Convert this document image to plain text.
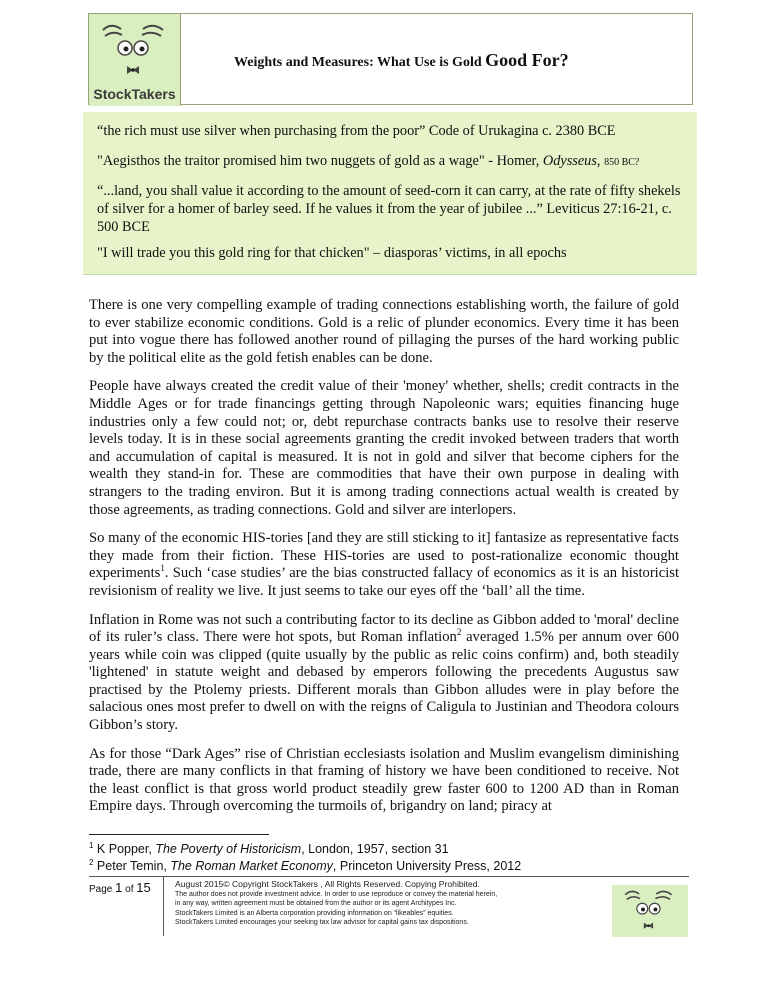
StockTakers
Weights and Measures: What Use is Gold Good For?
“the rich must use silver when purchasing from the poor” Code of Urukagina c. 2380 BCE
"Aegisthos the traitor promised him two nuggets of gold as a wage" - Homer, Odysseus, 850 BC?
“...land, you shall value it according to the amount of seed-corn it can carry, at the rate of fifty shekels of silver for a homer of barley seed. If he values it from the year of jubilee ...” Leviticus 27:16-21, c. 500 BCE
"I will trade you this gold ring for that chicken" – diasporas’ victims, in all epochs

There is one very compelling example of trading connections establishing worth, the failure of gold to ever stabilize economic conditions. Gold is a relic of plunder economics. Every time it has been put into vogue there has followed another round of pillaging the purses of the hard working public by the political elite as the gold fetish enables can be done.

People have always created the credit value of their 'money' whether, shells; credit contracts in the Middle Ages or for trade financings getting through Napoleonic wars; equities financing huge industries only a few could not; or, debt repurchase contracts banks use to resolve their reserve levels today. It is in these social agreements granting the credit invoked between traders that worth and accumulation of capital is measured. It is not in gold and silver that become ciphers for the wealth they stand-in for. These are commodities that have their own purpose in dealing with strangers to the trading environ. But it is among trading connections actual wealth is created by those agreements, as trading connections. Gold and silver are interlopers.

So many of the economic HIS-tories [and they are still sticking to it] fantasize as representative facts they made from their fiction. These HIS-tories are used to post-rationalize economic thought experiments$^1$. Such ‘case studies’ are the bias constructed fallacy of economics as it is an historicist revisionism of reality we live. It just seems to take our eyes off the ‘ball’ all the time.

Inflation in Rome was not such a contributing factor to its decline as Gibbon added to 'moral' decline of its ruler’s class. There were hot spots, but Roman inflation$^2$ averaged 1.5% per annum over 600 years while coin was clipped (quite usually by the public as relic coins confirm) and, both steadily 'lightened' in statute weight and debased by emperors following the precedents Augustus saw practised by the Ptolemy priests. Different morals than Gibbon alludes were in play before the salacious ones most prefer to dwell on with the reigns of Caligula to Justinian and Theodora colours Gibbon’s story.

As for those “Dark Ages” rise of Christian ecclesiasts isolation and Muslim evangelism diminishing trade, there are many conflicts in that framing of history we have been conditioned to receive. Not the least conflict is that gross world product steadily grew faster 600 to 1200 AD than in Roman Empire days. Through overcoming the turmoils of, brigandry on land; piracy at

$^1$ K Popper, The Poverty of Historicism, London, 1957, section 31
$^2$ Peter Temin, The Roman Market Economy, Princeton University Press, 2012
Page 1 of 15	August 2015© Copyright StockTakers , All Rights Reserved. Copying Prohibited.
The author does not provide investment advice. In order to use reproduce or convey the material herein,
in any way, written agreement must be obtained from the author or its agent Architypes Inc.
StockTakers Limited is an Alberta corporation providing information on “likeables” equities.
StockTakers Limited encourages your seeking tax law advisor for capital gains tax dispositions.
